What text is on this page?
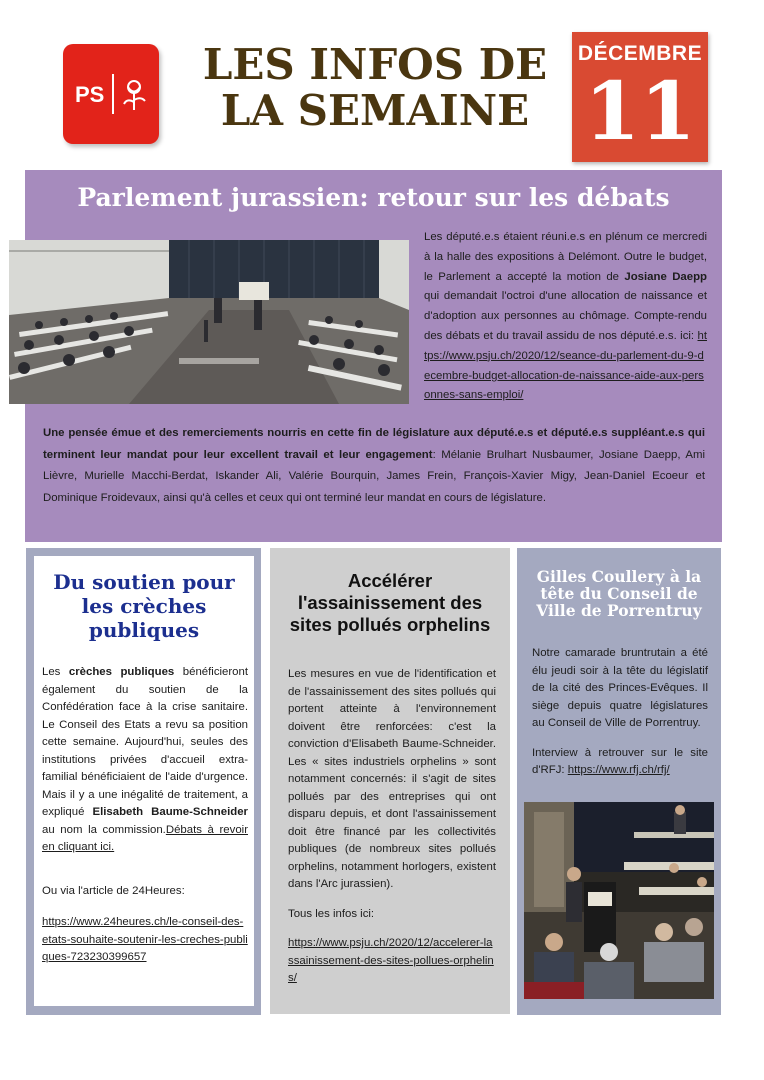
PS
LES INFOS DE
LA SEMAINE
DÉCEMBRE
11
Parlement jurassien: retour sur les débats
Les député.e.s étaient réuni.e.s en plénum ce mercredi à la halle des expositions à Delémont. Outre le budget, le Parlement a accepté la motion de Josiane Daepp qui demandait l'octroi d'une allocation de naissance et d'adoption aux personnes au chômage. Compte-rendu des débats et du travail assidu de nos député.e.s. ici: https://www.psju.ch/2020/12/seance-du-parlement-du-9-decembre-budget-allocation-de-naissance-aide-aux-personnes-sans-emploi/
Une pensée émue et des remerciements nourris en cette fin de législature aux député.e.s et député.e.s suppléant.e.s qui terminent leur mandat pour leur excellent travail et leur engagement: Mélanie Brulhart Nusbaumer, Josiane Daepp, Ami Lièvre, Murielle Macchi-Berdat, Iskander Ali, Valérie Bourquin, James Frein, François-Xavier Migy, Jean-Daniel Ecoeur et Dominique Froidevaux, ainsi qu'à celles et ceux qui ont terminé leur mandat en cours de législature.
Du soutien pour les crèches publiques

Les crèches publiques bénéficieront également du soutien de la Confédération face à la crise sanitaire. Le Conseil des Etats a revu sa position cette semaine. Aujourd'hui, seules des institutions privées d'accueil extra-familial bénéficiaient de l'aide d'urgence. Mais il y a une inégalité de traitement, a expliqué Elisabeth Baume-Schneider au nom la commission.Débats à revoir en cliquant ici.

Ou via l'article de 24Heures:

https://www.24heures.ch/le-conseil-des-etats-souhaite-soutenir-les-creches-publiques-723230399657

Accélérer l'assainissement des sites pollués orphelins

Les mesures en vue de l'identification et de l'assainissement des sites pollués qui portent atteinte à l'environnement doivent être renforcées: c'est la conviction d'Elisabeth Baume-Schneider. Les « sites industriels orphelins » sont notamment concernés: il s'agit de sites pollués par des entreprises qui ont disparu depuis, et dont l'assainissement doit être financé par les collectivités publiques (de nombreux sites pollués orphelins, notamment horlogers, existent dans l'Arc jurassien).

Tous les infos ici:

https://www.psju.ch/2020/12/accelerer-lassainissement-des-sites-pollues-orphelins/

Gilles Coullery à la tête du Conseil de Ville de Porrentruy

Notre camarade bruntrutain a été élu jeudi soir à la tête du législatif de la cité des Princes-Evêques. Il siège depuis quatre législatures au Conseil de Ville de Porrentruy.

Interview à retrouver sur le site d'RFJ: https://www.rfj.ch/rfj/
